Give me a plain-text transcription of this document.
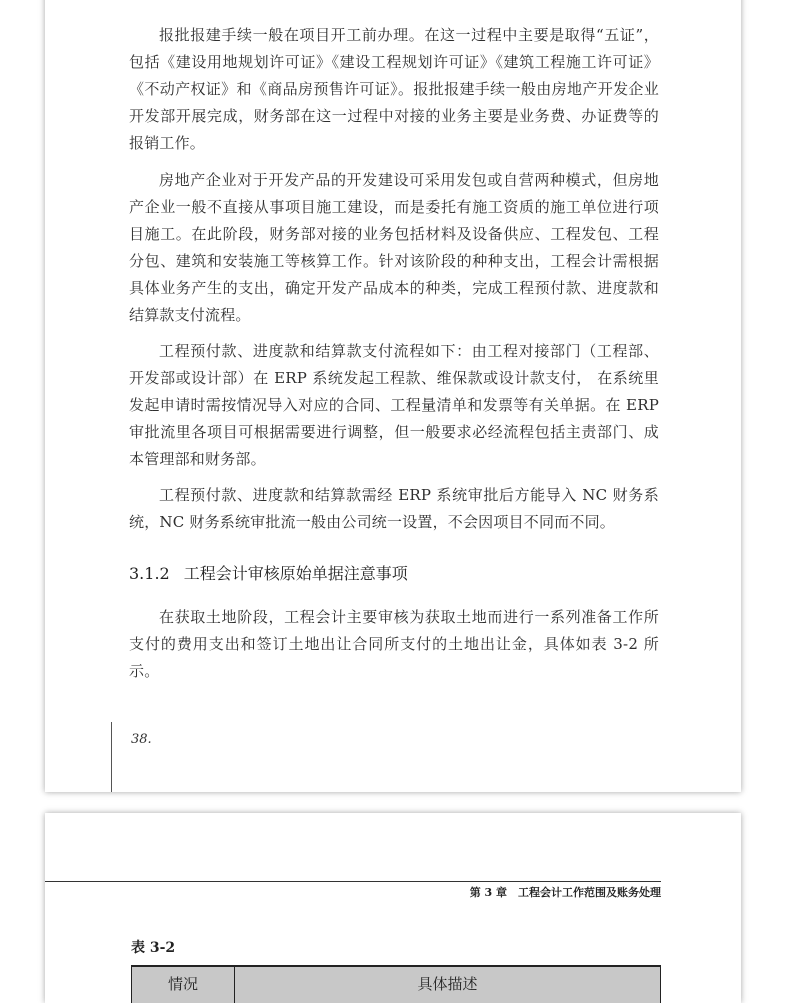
报批报建手续一般在项目开工前办理。在这一过程中主要是取得“五证”，包括《建设用地规划许可证》《建设工程规划许可证》《建筑工程施工许可证》《不动产权证》和《商品房预售许可证》。报批报建手续一般由房地产开发企业开发部开展完成，财务部在这一过程中对接的业务主要是业务费、办证费等的报销工作。

房地产企业对于开发产品的开发建设可采用发包或自营两种模式，但房地产企业一般不直接从事项目施工建设，而是委托有施工资质的施工单位进行项目施工。在此阶段，财务部对接的业务包括材料及设备供应、工程发包、工程分包、建筑和安装施工等核算工作。针对该阶段的种种支出，工程会计需根据具体业务产生的支出，确定开发产品成本的种类，完成工程预付款、进度款和结算款支付流程。

工程预付款、进度款和结算款支付流程如下：由工程对接部门（工程部、开发部或设计部）在 ERP 系统发起工程款、维保款或设计款支付， 在系统里发起申请时需按情况导入对应的合同、工程量清单和发票等有关单据。在 ERP 审批流里各项目可根据需要进行调整，但一般要求必经流程包括主责部门、成本管理部和财务部。

工程预付款、进度款和结算款需经 ERP 系统审批后方能导入 NC 财务系统，NC 财务系统审批流一般由公司统一设置，不会因项目不同而不同。

3.1.2 工程会计审核原始单据注意事项

在获取土地阶段，工程会计主要审核为获取土地而进行一系列准备工作所支付的费用支出和签订土地出让合同所支付的土地出让金，具体如表 3-2 所示。

38.
第 3 章　工程会计工作范围及账务处理
表 3-2
情况	具体描述
